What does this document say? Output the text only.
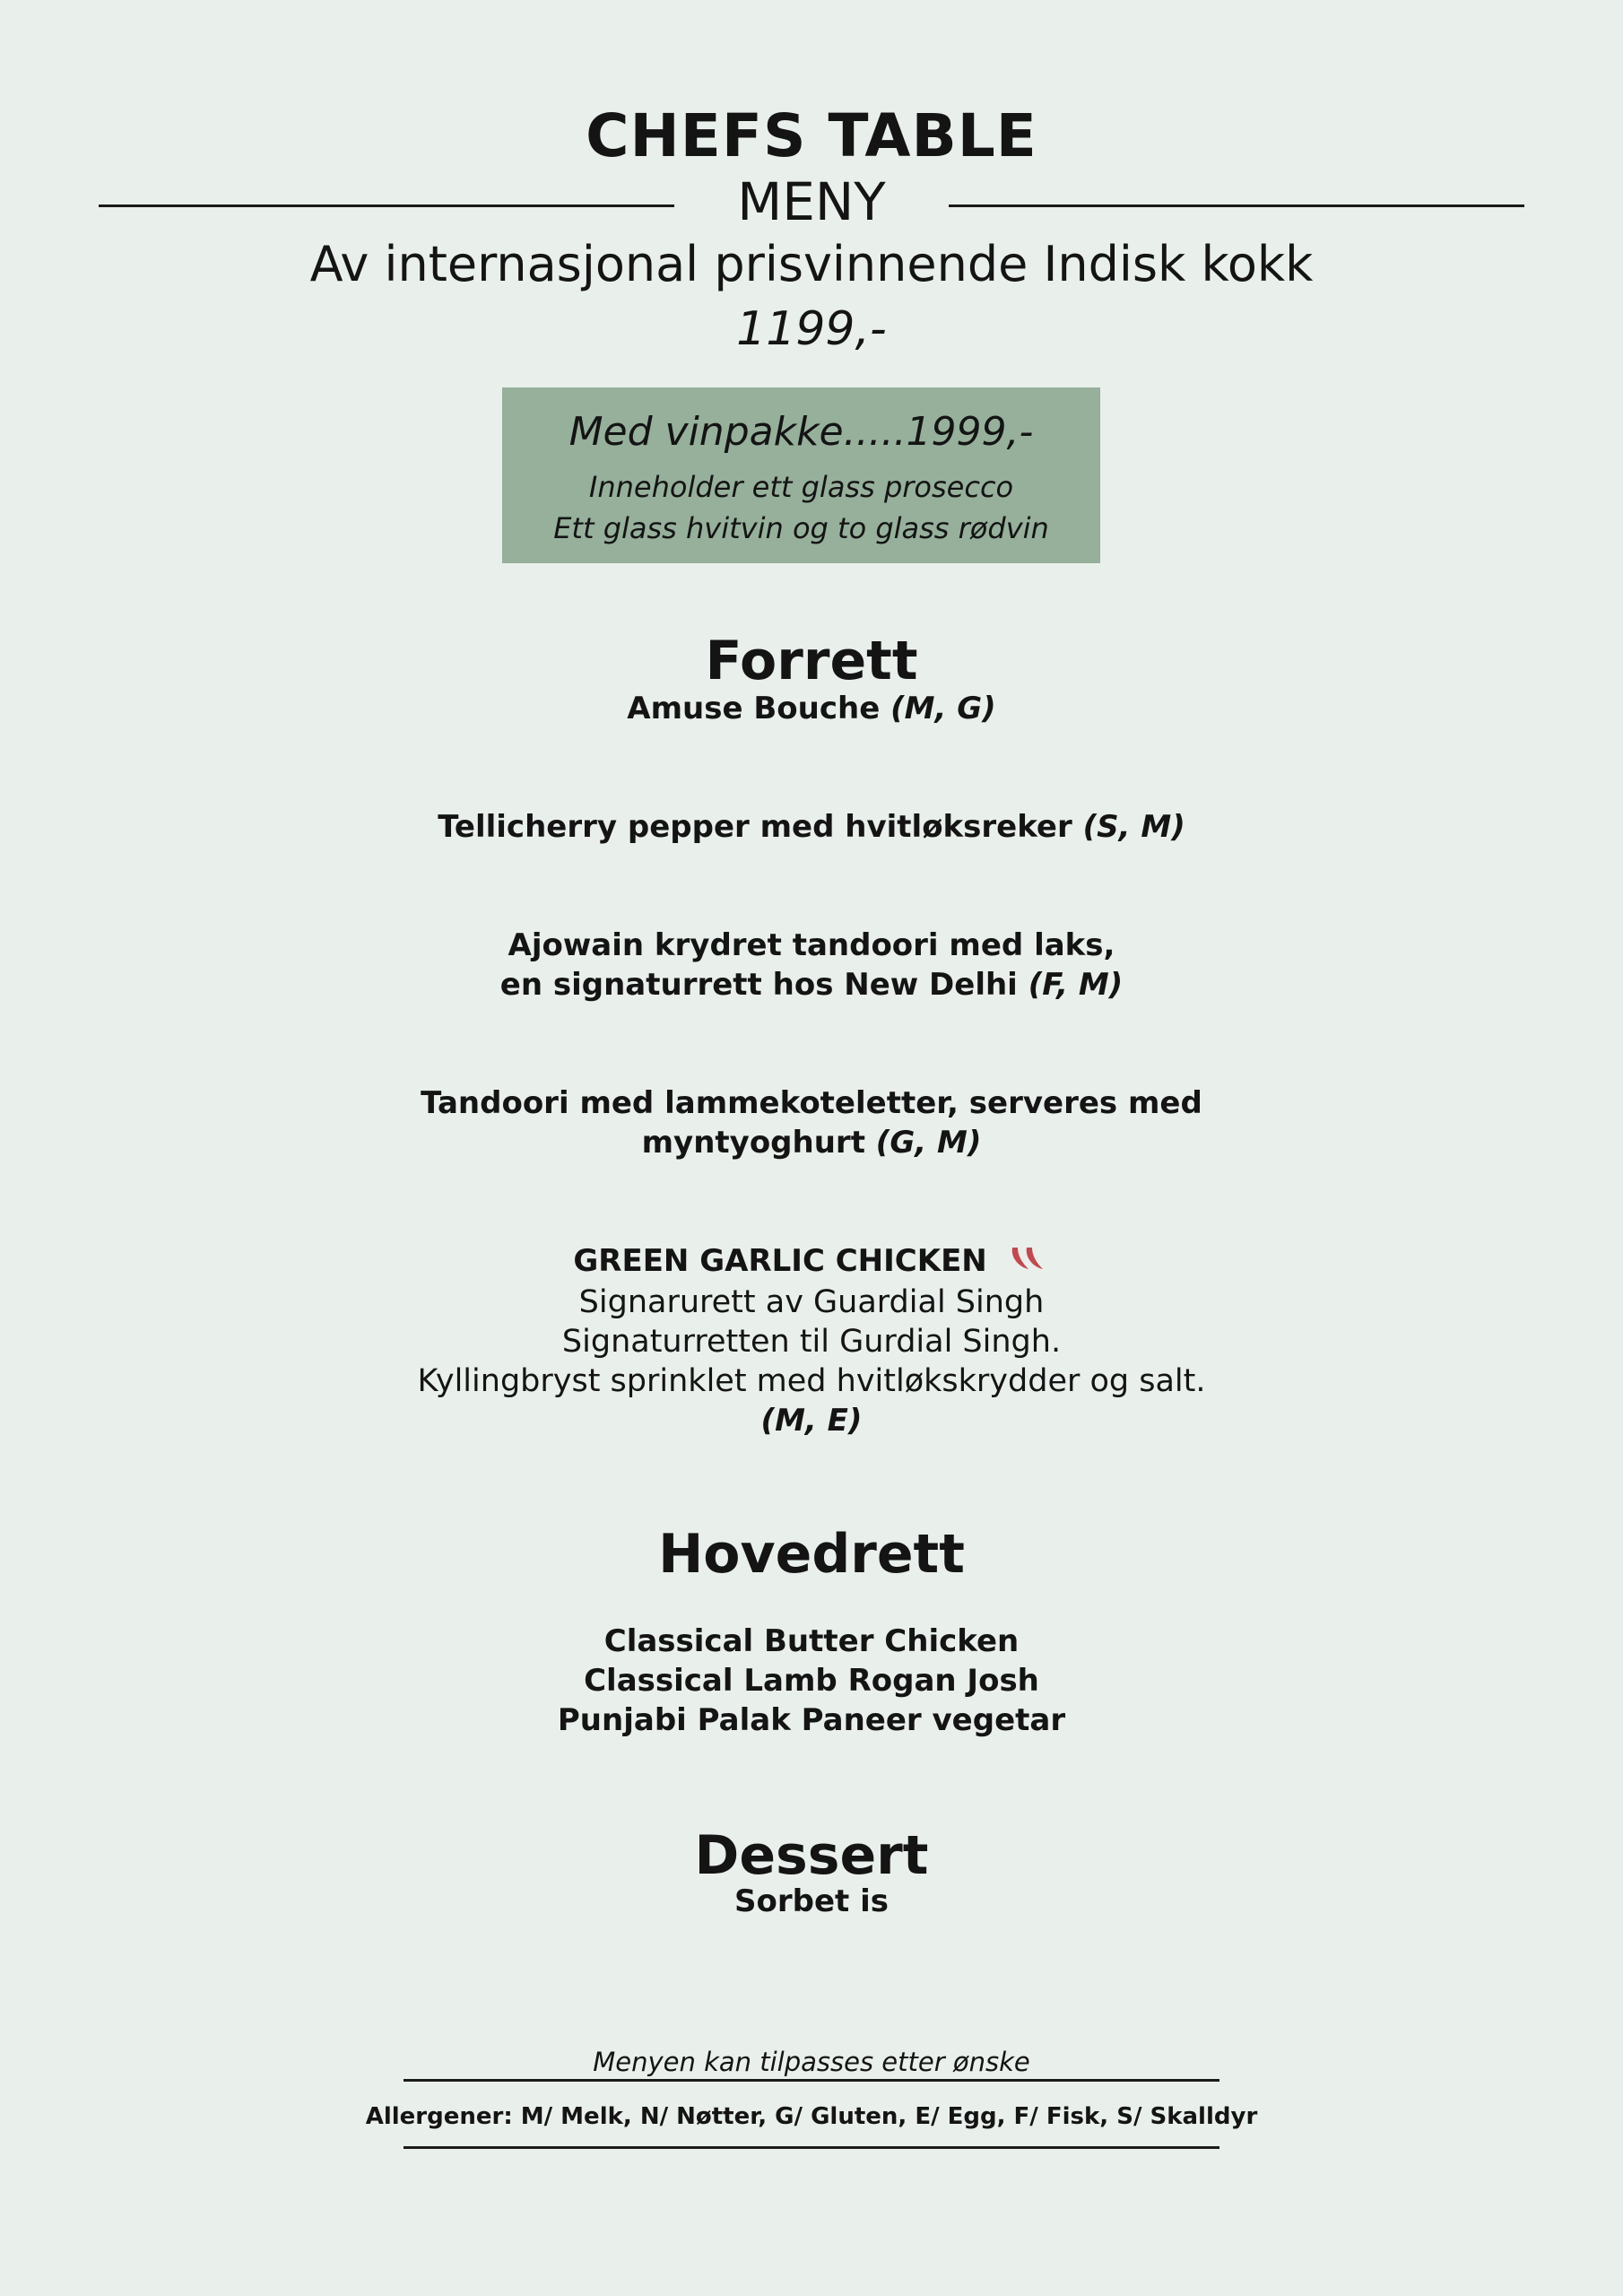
CHEFS TABLE
MENY
Av internasjonal prisvinnende Indisk kokk
1199,-
Med vinpakke.....1999,-
Inneholder ett glass prosecco
Ett glass hvitvin og to glass rødvin
Forrett
Amuse Bouche (M, G)
Tellicherry pepper med hvitløksreker (S, M)
Ajowain krydret tandoori med laks,
en signaturrett hos New Delhi (F, M)
Tandoori med lammekoteletter, serveres med
myntyoghurt (G, M)
GREEN GARLIC CHICKEN
Signarurett av Guardial Singh
Signaturretten til Gurdial Singh.
Kyllingbryst sprinklet med hvitløkskrydder og salt.
(M, E)
Hovedrett
Classical Butter Chicken
Classical Lamb Rogan Josh
Punjabi Palak Paneer vegetar
Dessert
Sorbet is
Menyen kan tilpasses etter ønske
Allergener: M/ Melk, N/ Nøtter, G/ Gluten, E/ Egg, F/ Fisk, S/ Skalldyr
